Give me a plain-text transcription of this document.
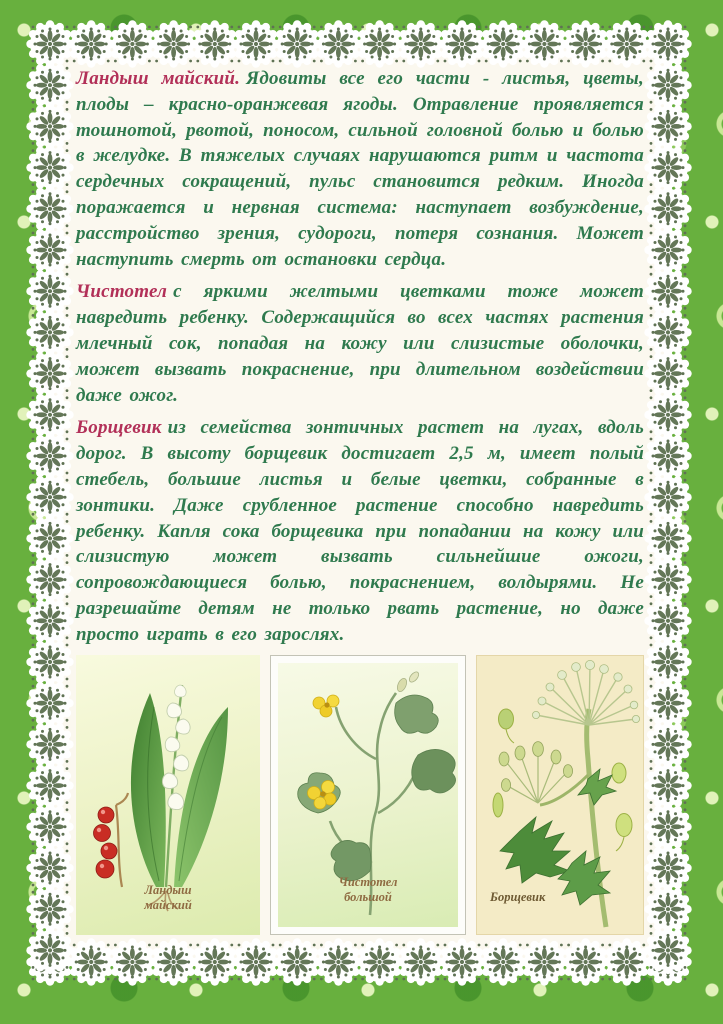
Ландыш майский. Ядовиты все его части - листья, цветы, плоды – красно-оранжевая ягоды. Отравление проявляется тошнотой, рвотой, поносом, сильной головной болью и болью в желудке. В тяжелых случаях нарушаются ритм и частота сердечных сокращений, пульс становится редким. Иногда поражается и нервная система: наступает возбуждение, расстройство зрения, судороги, потеря сознания. Может наступить смерть от остановки сердца.

Чистотел с яркими желтыми цветками тоже может навредить ребенку. Содержащийся во всех частях растения млечный сок, попадая на кожу или слизистые оболочки, может вызвать покраснение, при длительном воздействии даже ожог.

Борщевик из семейства зонтичных растет на лугах, вдоль дорог. В высоту борщевик достигает 2,5 м, имеет полый стебель, большие листья и белые цветки, собранные в зонтики. Даже срубленное растение способно навредить ребенку. Капля сока борщевика при попадании на кожу или слизистую может вызвать сильнейшие ожоги, сопровождающиеся болью, покраснением, волдырями. Не разрешайте детям не только рвать растение, но даже просто играть в его зарослях.

Ландыш
майский
Чистотел
большой	Борщевик
